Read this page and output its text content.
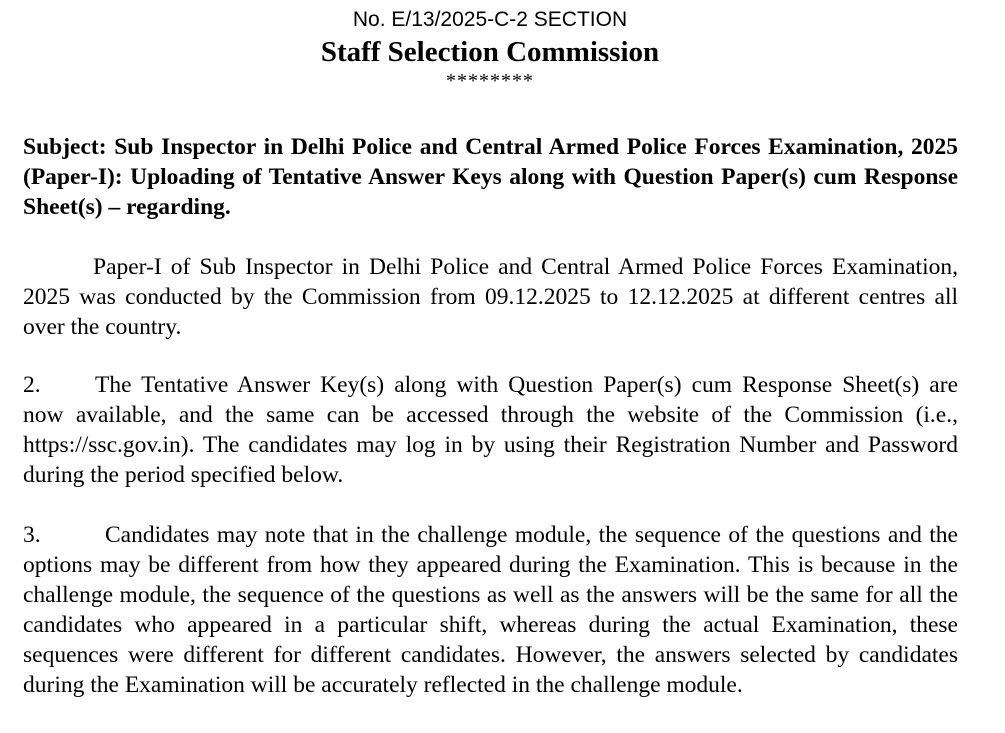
No. E/13/2025-C-2 SECTION
Staff Selection Commission
********
Subject: Sub Inspector in Delhi Police and Central Armed Police Forces Examination, 2025 (Paper-I): Uploading of Tentative Answer Keys along with Question Paper(s) cum Response Sheet(s) – regarding.
Paper-I of Sub Inspector in Delhi Police and Central Armed Police Forces Examination, 2025 was conducted by the Commission from 09.12.2025 to 12.12.2025 at different centres all over the country.
2. The Tentative Answer Key(s) along with Question Paper(s) cum Response Sheet(s) are now available, and the same can be accessed through the website of the Commission (i.e., https://ssc.gov.in). The candidates may log in by using their Registration Number and Password during the period specified below.
3.	Candidates may note that in the challenge module, the sequence of the questions and the options may be different from how they appeared during the Examination. This is because in the challenge module, the sequence of the questions as well as the answers will be the same for all the candidates who appeared in a particular shift, whereas during the actual Examination, these sequences were different for different candidates. However, the answers selected by candidates during the Examination will be accurately reflected in the challenge module.
